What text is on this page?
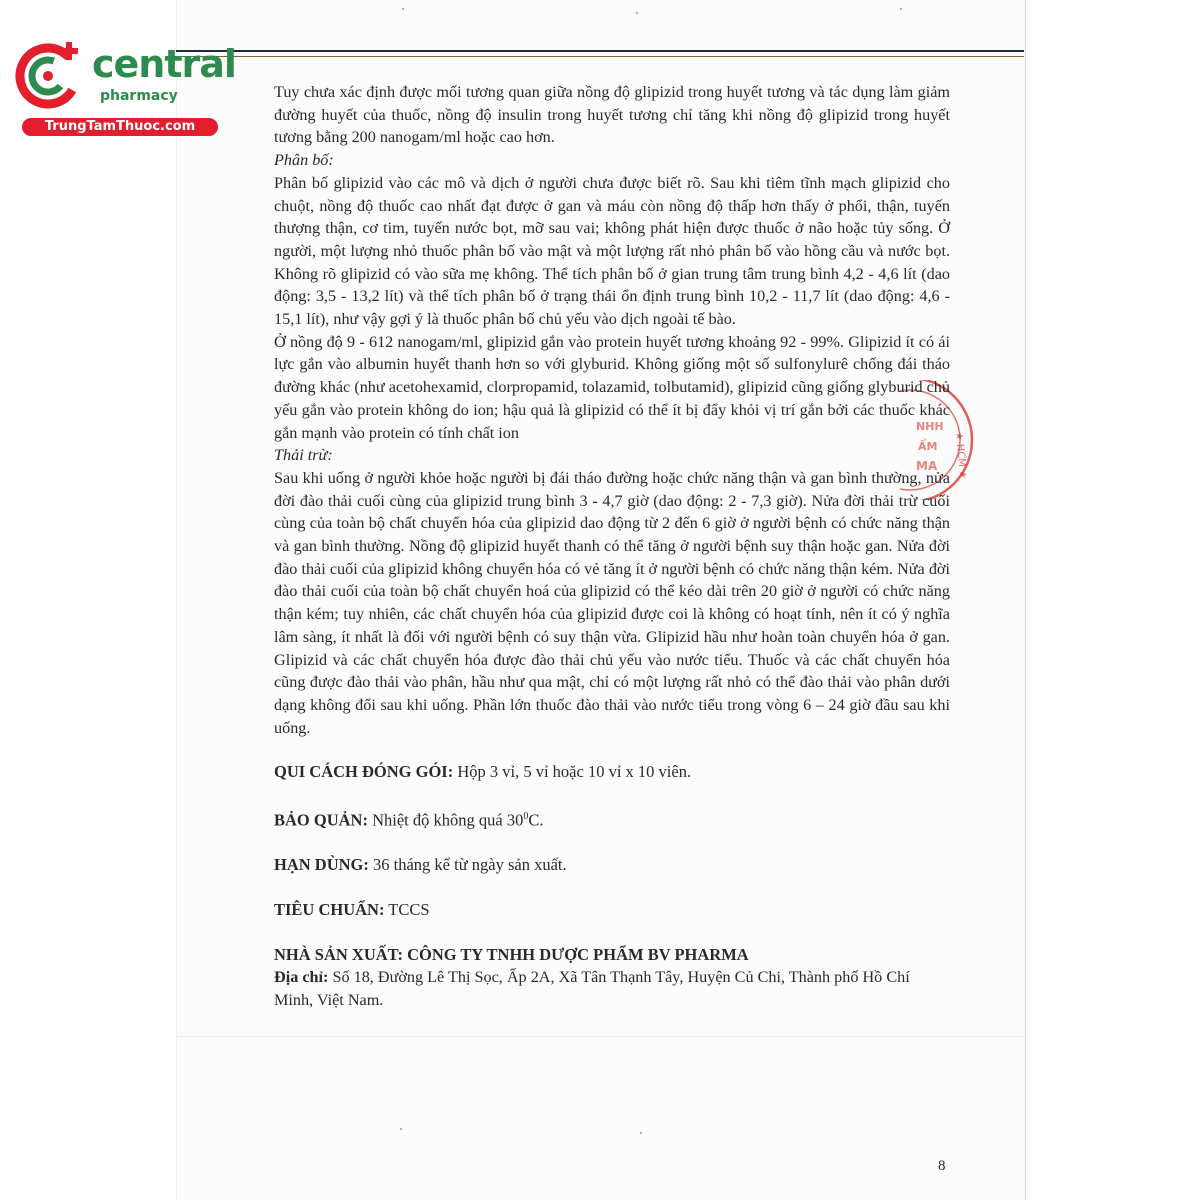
central
pharmacy
TrungTamThuoc.com
★ HCM ★
NHH
ẨM
MA

Tuy chưa xác định được mối tương quan giữa nồng độ glipizid trong huyết tương và tác dụng làm giảm đường huyết của thuốc, nồng độ insulin trong huyết tương chỉ tăng khi nồng độ glipizid trong huyết tương bằng 200 nanogam/ml hoặc cao hơn.

Phân bố:

Phân bố glipizid vào các mô và dịch ở người chưa được biết rõ. Sau khi tiêm tĩnh mạch glipizid cho chuột, nồng độ thuốc cao nhất đạt được ở gan và máu còn nồng độ thấp hơn thấy ở phổi, thận, tuyến thượng thận, cơ tim, tuyến nước bọt, mỡ sau vai; không phát hiện được thuốc ở não hoặc tủy sống. Ở người, một lượng nhỏ thuốc phân bố vào mật và một lượng rất nhỏ phân bố vào hồng cầu và nước bọt. Không rõ glipizid có vào sữa mẹ không. Thể tích phân bố ở gian trung tâm trung bình 4,2 - 4,6 lít (dao động: 3,5 - 13,2 lít) và thể tích phân bố ở trạng thái ổn định trung bình 10,2 - 11,7 lít (dao động: 4,6 - 15,1 lít), như vậy gợi ý là thuốc phân bố chủ yếu vào dịch ngoài tế bào.

Ở nồng độ 9 - 612 nanogam/ml, glipizid gắn vào protein huyết tương khoảng 92 - 99%. Glipizid ít có ái lực gắn vào albumin huyết thanh hơn so với glyburid. Không giống một số sulfonylurê chống đái tháo đường khác (như acetohexamid, clorpropamid, tolazamid, tolbutamid), glipizid cũng giống glyburid chủ yếu gắn vào protein không do ion; hậu quả là glipizid có thể ít bị đẩy khỏi vị trí gắn bởi các thuốc khác gắn mạnh vào protein có tính chất ion

Thải trừ:

Sau khi uống ở người khỏe hoặc người bị đái tháo đường hoặc chức năng thận và gan bình thường, nửa đời đào thải cuối cùng của glipizid trung bình 3 - 4,7 giờ (dao động: 2 - 7,3 giờ). Nửa đời thải trừ cuối cùng của toàn bộ chất chuyển hóa của glipizid dao động từ 2 đến 6 giờ ở người bệnh có chức năng thận và gan bình thường. Nồng độ glipizid huyết thanh có thể tăng ở người bệnh suy thận hoặc gan. Nửa đời đào thải cuối của glipizid không chuyển hóa có vẻ tăng ít ở người bệnh có chức năng thận kém. Nửa đời đào thải cuối của toàn bộ chất chuyển hoá của glipizid có thể kéo dài trên 20 giờ ở người có chức năng thận kém; tuy nhiên, các chất chuyển hóa của glipizid được coi là không có hoạt tính, nên ít có ý nghĩa lâm sàng, ít nhất là đối với người bệnh có suy thận vừa. Glipizid hầu như hoàn toàn chuyển hóa ở gan. Glipizid và các chất chuyển hóa được đào thải chủ yếu vào nước tiểu. Thuốc và các chất chuyển hóa cũng được đào thải vào phân, hầu như qua mật, chỉ có một lượng rất nhỏ có thể đào thải vào phân dưới dạng không đổi sau khi uống. Phần lớn thuốc đào thải vào nước tiểu trong vòng 6 – 24 giờ đầu sau khi uống.

QUI CÁCH ĐÓNG GÓI: Hộp 3 vỉ, 5 vỉ hoặc 10 vỉ x 10 viên.

BẢO QUẢN: Nhiệt độ không quá $30^0C$.

HẠN DÙNG: 36 tháng kể từ ngày sản xuất.

TIÊU CHUẨN: TCCS

NHÀ SẢN XUẤT: CÔNG TY TNHH DƯỢC PHẨM BV PHARMA

Địa chỉ: Số 18, Đường Lê Thị Sọc, Ấp 2A, Xã Tân Thạnh Tây, Huyện Củ Chi, Thành phố Hồ Chí Minh, Việt Nam.

8
